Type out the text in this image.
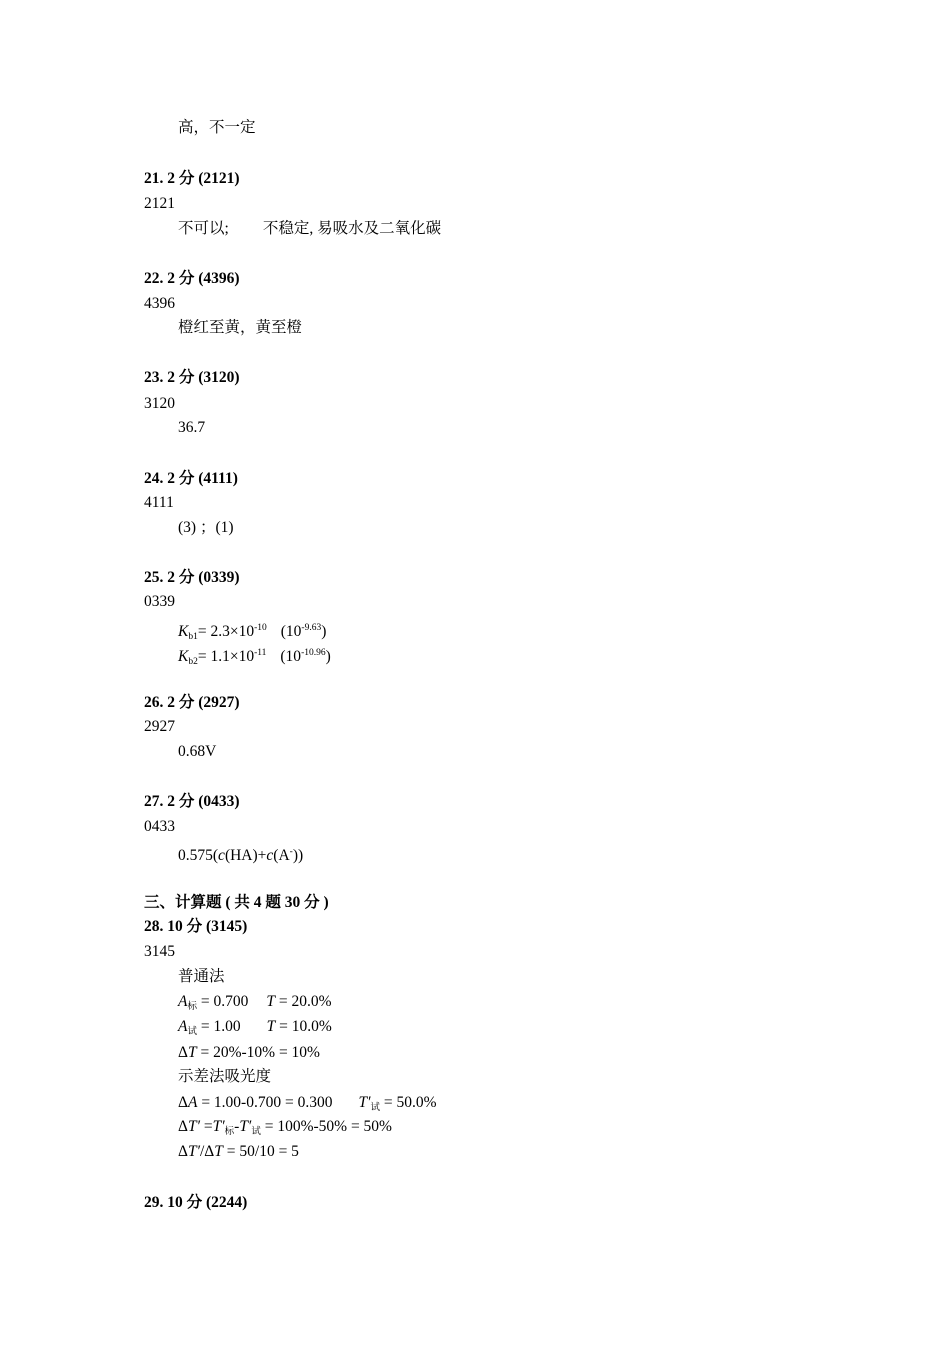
高，不一定
21. 2 分 (2121)
2121
不可以; 不稳定, 易吸水及二氧化碳
22. 2 分 (4396)
4396
橙红至黄，黄至橙
23. 2 分 (3120)
3120
36.7
24. 2 分 (4111)
4111
(3) ；(1)
25. 2 分 (0339)
0339
$K_{b1}= 2.3\times 10^{-10}$ $(10^{-9.63})$
$K_{b2}= 1.1\times 10^{-11}$ $(10^{-10.96})$
26. 2 分 (2927)
2927
0.68V
27. 2 分 (0433)
0433
0.575(c(HA)+c(A-))
三、计算题 ( 共 4 题 30 分 )
28. 10 分 (3145)
3145
普通法
$A_标 = 0.700$ T = 20.0%
$A_试 = 1.00$ T = 10.0%
ΔT = 20%-10% = 10%
示差法吸光度
ΔA = 1.00-0.700 = 0.300 $T'_试 = 50.0\%$
$\Delta T' =T'_标-T'_试 = 100\%-50\% = 50\%$
ΔT′/ΔT = 50/10 = 5
29. 10 分 (2244)
